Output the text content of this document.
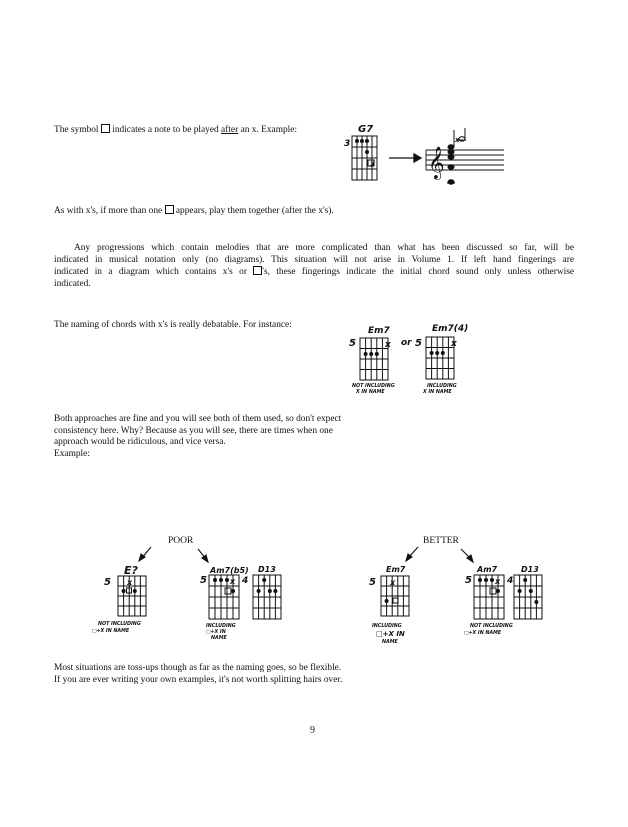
The symbol indicates a note to be played after an x. Example:	G7
3
x 𝄞
x
As with x's, if more than one appears, play them together (after the x's).
Any progressions which contain melodies that are more complicated than what has been discussed so far, will be
indicated in musical notation only (no diagrams). This situation will not arise in Volume 1. If left hand fingerings are
indicated in a diagram which contains x's or 's, these fingerings indicate the initial chord sound only unless otherwise
indicated.
The naming of chords with x's is really debatable. For instance:
Em7
5	x
NOT INCLUDING
X IN NAME
or
Em7(4)
5	x
INCLUDING
X IN NAME
Both approaches are fine and you will see both of them used, so don't expect
consistency here. Why? Because as you will see, there are times when one
approach would be ridiculous, and vice versa.
Example:
POOR
E?
5 x
NOT INCLUDING
□+X IN NAME
Am7(b5)
5	4
x
INCLUDING
□+X IN
NAME
D13
BETTER
Em7
5 x
INCLUDING
□+X IN
NAME
Am7
5	4
x
NOT INCLUDING
□+X IN NAME
D13
Most situations are toss-ups though as far as the naming goes, so be flexible.
If you are ever writing your own examples, it's not worth splitting hairs over.
9
